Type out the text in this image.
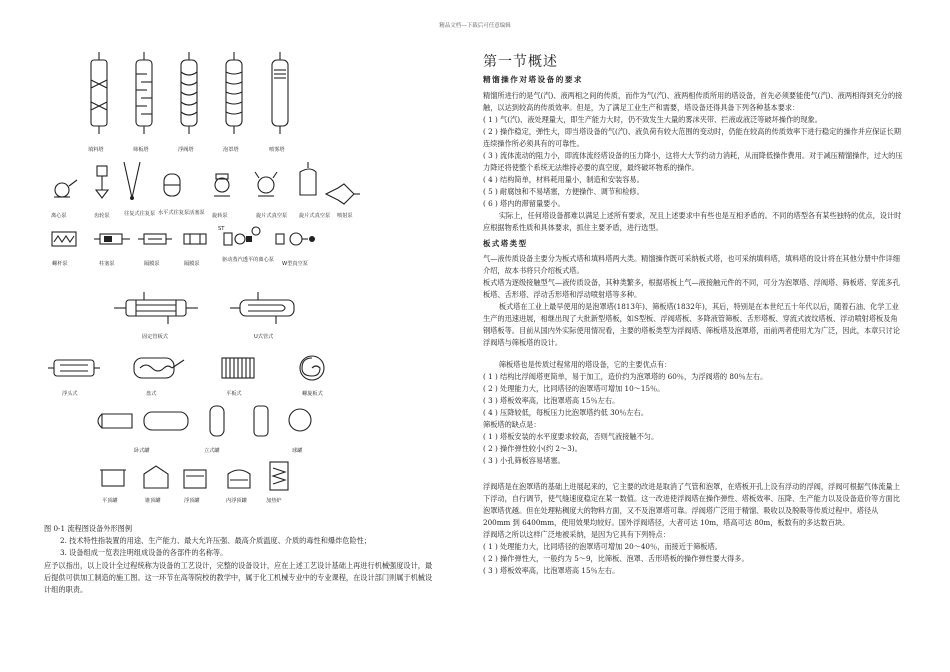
精品文档---下载后可任意编辑
填料塔	筛板塔	浮阀塔	泡罩塔	喷雾塔
离心泵	齿轮泵	往复式往复泵 水平式往复泵活塞泵 旋转泵	旋片式真空泵 旋片式真空泵 喷射泵
螺杆泵	柱塞泵	隔膜泵	隔膜泵
ST
驱动蒸汽透平的离心泵
W型真空泵
固定管板式	U式管式
浮头式	盘式	平板式	螺旋板式
卧式罐	立式罐	球罐
平顶罐	锥顶罐	浮顶罐	内浮顶罐	加热炉
图 0-1 流程图设备外形图例
2. 技术特性指装置的用途、生产能力、最大允许压强、最高介质温度、介质的毒性和爆炸危险性；
3. 设备组成一览表注明组成设备的各部件的名称等。
应予以指出，以上设计全过程统称为设备的工艺设计，完整的设备设计，应在上述工艺设计基础上再进行机械强度设计，最后提供可供加工制造的施工图。这一环节在高等院校的教学中，属于化工机械专业中的专业课程，在设计部门则属于机械设计组的职责。
第一节概述
精馏操作对塔设备的要求

精馏所进行的是气(汽)、液两相之间的传质，而作为气(汽)、液两相传质所用的塔设备，首先必须要能使气(汽)、液两相得到充分的接触，以达到较高的传质效率。但是，为了满足工业生产和需要，塔设备还得具备下列各种基本要求：

( 1 ) 气(汽)、液处理量大，即生产能力大时，仍不致发生大量的雾沫夹带、拦液或液泛等破坏操作的现象。

( 2 ) 操作稳定，弹性大，即当塔设备的气(汽)、液负荷有较大范围的变动时，仍能在较高的传质效率下进行稳定的操作并应保证长期连续操作所必须具有的可靠性。

( 3 ) 流体流动的阻力小，即流体流经塔设备的压力降小，这将大大节约动力消耗，从而降低操作费用。对于减压精馏操作，过大的压力降还将使整个系统无法维持必要的真空度，最终破坏物系的操作。

( 4 ) 结构简单，材料耗用量小，制造和安装容易。

( 5 ) 耐腐蚀和不易堵塞，方便操作、调节和检修。

( 6 ) 塔内的滞留量要小。

实际上，任何塔设备都难以满足上述所有要求，况且上述要求中有些也是互相矛盾的。不同的塔型各有某些独特的优点，设计时应根据物系性质和具体要求，抓住主要矛盾，进行选型。

板式塔类型

气—液传质设备主要分为板式塔和填料塔两大类。精馏操作既可采纳板式塔，也可采纳填料塔，填料塔的设计将在其他分册中作详细介绍，故本书将只介绍板式塔。

板式塔为逐级接触型气—液传质设备，其种类繁多，根据塔板上气—液接触元件的不同，可分为泡罩塔、浮阀塔、筛板塔、穿流多孔板塔、舌形塔、浮动舌形塔和浮动喷射塔等多种。

板式塔在工业上最早使用的是泡罩塔(1813年)、筛板塔(1832年)，其后，特别是在本世纪五十年代以后，随着石油、化学工业生产的迅速进展，相继出现了大批新型塔板，如S型板、浮阀塔板、多降液管筛板、舌形塔板、穿流式波纹塔板、浮动喷射塔板及角钢塔板等。目前从国内外实际使用情况看，主要的塔板类型为浮阀塔、筛板塔及泡罩塔，而前两者使用尤为广泛，因此，本章只讨论浮阀塔与筛板塔的设计。

筛板塔也是传质过程常用的塔设备，它的主要优点有：

( 1 ) 结构比浮阀塔更简单，易于加工，造价约为泡罩塔的 60％，为浮阀塔的 80％左右。

( 2 ) 处理能力大，比同塔径的泡罩塔可增加 10～15％。

( 3 ) 塔板效率高，比泡罩塔高 15％左右。

( 4 ) 压降较低，每板压力比泡罩塔约低 30％左右。

筛板塔的缺点是：

( 1 ) 塔板安装的水平度要求较高，否则气液接触不匀。

( 2 ) 操作弹性较小(约 2～3)。

( 3 ) 小孔筛板容易堵塞。

浮阀塔是在泡罩塔的基础上进展起来的，它主要的改进是取消了气管和泡罩，在塔板开孔上设有浮动的浮阀，浮阀可根据气体流量上下浮动，自行调节，使气缝速度稳定在某一数值。这一改进使浮阀塔在操作弹性、塔板效率、压降、生产能力以及设备造价等方面比泡罩塔优越。但在处理粘稠度大的物料方面，又不及泡罩塔可靠。浮阀塔广泛用于精馏、吸收以及脱吸等传质过程中。塔径从 200mm 到 6400mm，使用效果均较好。国外浮阀塔径，大者可达 10m，塔高可达 80m，板数有的多达数百块。

浮阀塔之所以这样广泛地被采纳，是因为它具有下列特点：

( 1 ) 处理能力大，比同塔径的泡罩塔可增加 20～40％，而接近于筛板塔。

( 2 ) 操作弹性大，一般约为 5～9，比筛板、泡罩、舌形塔板的操作弹性要大得多。

( 3 ) 塔板效率高，比泡罩塔高 15％左右。
